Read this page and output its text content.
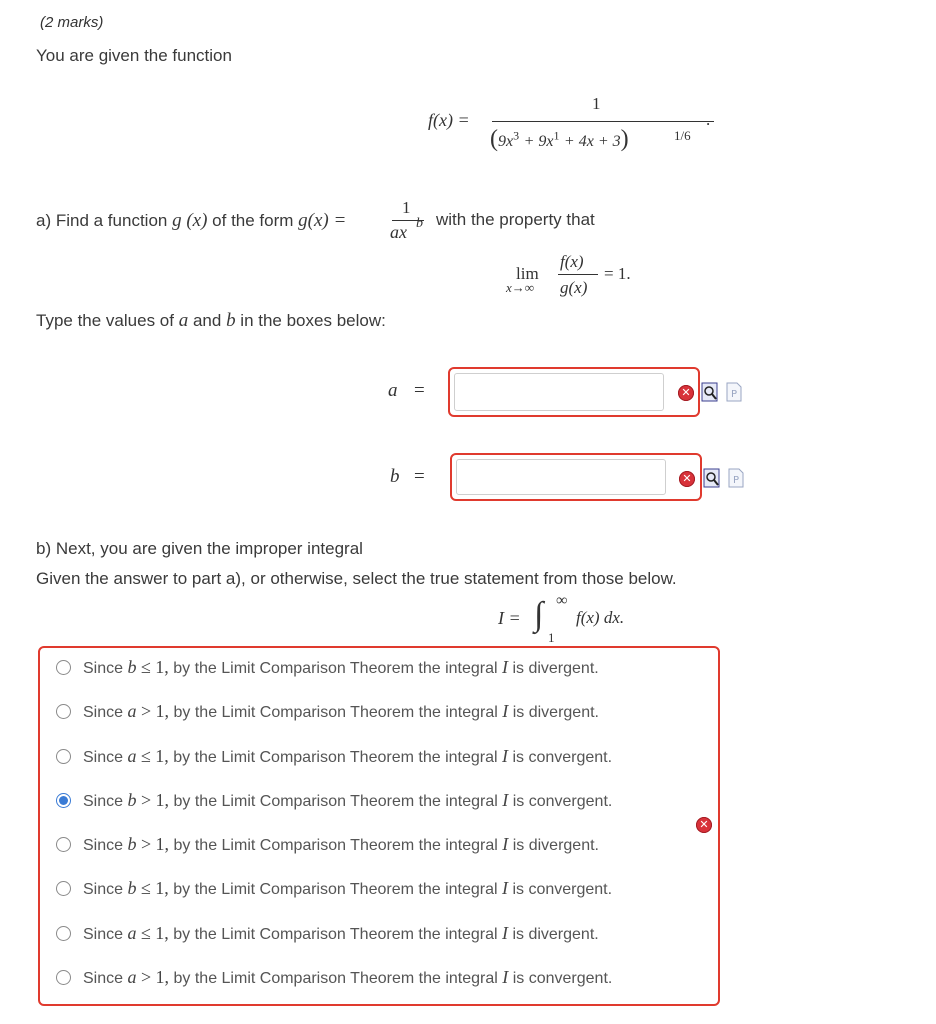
(2 marks)
You are given the function
f(x) =
1
$(9x^3 + 9x^1 + 4x + 3)$	1/6
.
a) Find a function g (x) of the form g(x) =
1
ax b with the property that
lim
x→∞
f(x)
g(x)
= 1.
Type the values of a and b in the boxes below:
a =	✕	P
b =	✕	P
b) Next, you are given the improper integral
Given the answer to part a), or otherwise, select the true statement from those below.
I = ∫ ∞
1
f(x) dx.
Since b ≤ 1, by the Limit Comparison Theorem the integral I is divergent.
Since a > 1, by the Limit Comparison Theorem the integral I is divergent.
Since a ≤ 1, by the Limit Comparison Theorem the integral I is convergent.
Since b > 1, by the Limit Comparison Theorem the integral I is convergent.
Since b > 1, by the Limit Comparison Theorem the integral I is divergent.
Since b ≤ 1, by the Limit Comparison Theorem the integral I is convergent.
Since a ≤ 1, by the Limit Comparison Theorem the integral I is divergent.
Since a > 1, by the Limit Comparison Theorem the integral I is convergent.
✕
